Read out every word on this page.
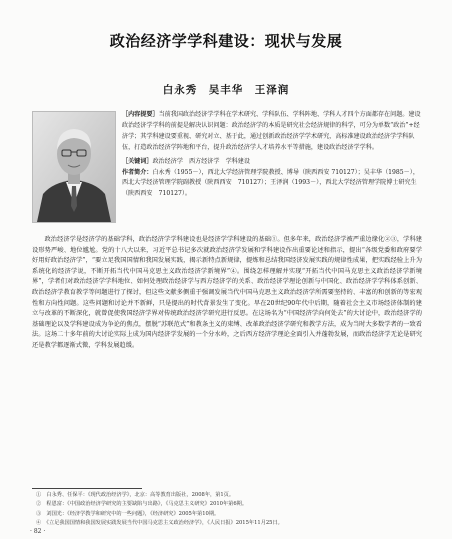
政治经济学学科建设：现状与发展
白永秀　吴丰华　王泽润

［内容提要］当前我国政治经济学学科在学术研究、学科队伍、学科阵地、学科人才四个方面都存在问题。建设政治经济学学科的前提是解决认识问题：政治经济学的本质是研究社会经济规律的科学，可分为单数“政治”+经济学；其学科建设要重视、研究对立、基于此，通过创新政治经济学学术研究，高标准建设政治经济学学科队伍，打造政治经济学阵地和平台，提升政治经济学人才培养水平等措施，建设政治经济学学科。

［关键词］政治经济学　西方经济学　学科建设

作者简介：白永秀（1955－），西北大学经济管理学院教授、博导（陕西西安 710127）；吴丰华（1985－），西北大学经济管理学院副教授（陕西西安　710127）；王泽润（1993－），西北大学经济管理学院博士研究生（陕西西安　710127）。

政治经济学是经济学的基础学科，政治经济学学科建设也是经济学学科建设的基础①。但多年来，政治经济学被严重边缘化②③，学科建设形势严峻、地位尴尬。党的十八大以来，习近平总书记多次就政治经济学发展和学科建设作出重要论述和指示，提出“各级党委和政府要学好用好政治经济学”，“要立足我国国情和我国发展实践，揭示新特点新规律，提炼和总结我国经济发展实践的规律性成果，把实践经验上升为系统化的经济学说，不断开拓当代中国马克思主义政治经济学新境界”④。围绕怎样理解并实现“开拓当代中国马克思主义政治经济学新境界”，学者们对政治经济学学科地位、如何处理政治经济学与西方经济学的关系、政治经济学理论创新与中国化、政治经济学学科体系创新、政治经济学教育教学等问题进行了探讨，但这些文献多侧重于强调发展当代中国马克思主义政治经济学所需要坚持的、丰富的和创新的等宏观性和方向性问题。这些问题和讨论并不新鲜，只是提出的时代背景发生了变化。早在20世纪90年代中后期，随着社会主义市场经济体制的建立与改革的不断深化，就曾促使我国经济学界对传统政治经济学研究进行反思。在这场名为“中国经济学向何处去”的大讨论中，政治经济学的基础理论以及学科建设成为争论的焦点，摆脱“苏联范式”和教条主义的束缚、改革政治经济学研究和教学方法，成为当时大多数学者的一致看法。这场二十多年前的大讨论实际上成为国内经济学发展的一个分水岭，之后西方经济学理论全面引入并蓬勃发展，而政治经济学无论是研究还是教学都逐渐式微，学科发展趋缓。

①　白永秀、任保平：《现代政治经济学》，北京：高等教育出版社，2008年，第1页。
②　程恩富：《中国政治经济学研究的主要缺陷与出路》，《马克思主义研究》2010年第6期。
③　刘国光：《经济学教学和研究中的一些问题》，《经济研究》2005年第10期。
④　《立足我国国情和我国发展实践发展当代中国马克思主义政治经济学》，《人民日报》2015年11月25日。
· 82 ·
